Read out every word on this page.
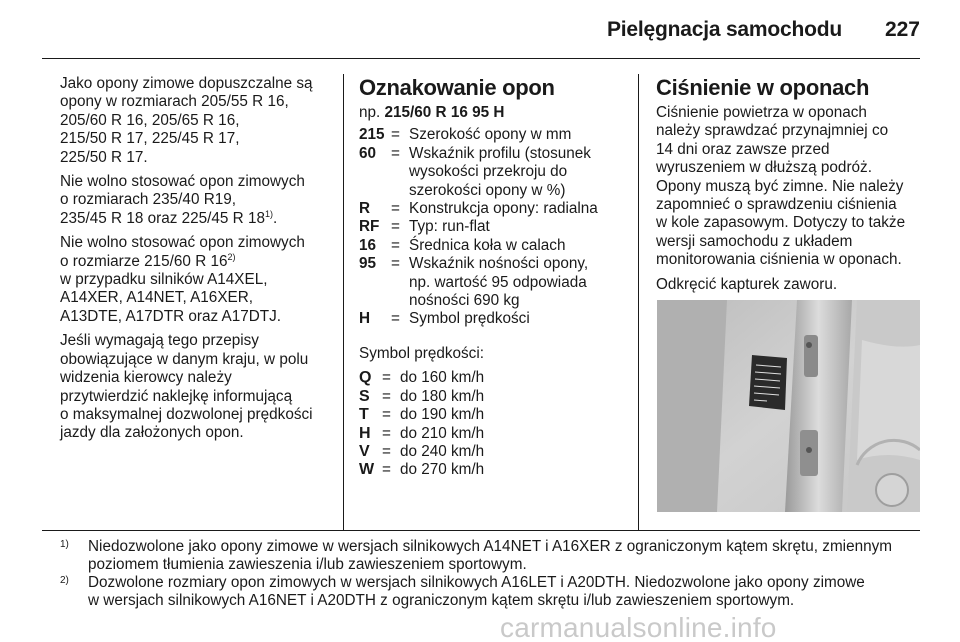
Pielęgnacja samochodu 227
Jako opony zimowe dopuszczalne są
opony w rozmiarach 205/55 R 16,
205/60 R 16, 205/65 R 16,
215/50 R 17, 225/45 R 17,
225/50 R 17.
Nie wolno stosować opon zimowych
o rozmiarach 235/40 R19,
235/45 R 18 oraz 225/45 R 18$^{1)}$.
Nie wolno stosować opon zimowych
o rozmiarze 215/60 R 16$^{2)}$
w przypadku silników A14XEL,
A14XER, A14NET, A16XER,
A13DTE, A17DTR oraz A17DTJ.
Jeśli wymagają tego przepisy
obowiązujące w danym kraju, w polu
widzenia kierowcy należy
przytwierdzić naklejkę informującą
o maksymalnej dozwolonej prędkości
jazdy dla założonych opon.
Oznakowanie opon
np. 215/60 R 16 95 H
215 = Szerokość opony w mm
60 = Wskaźnik profilu (stosunek
wysokości przekroju do
szerokości opony w %)
R	= Konstrukcja opony: radialna
RF = Typ: run-flat
16 = Średnica koła w calach
95 = Wskaźnik nośności opony,
np. wartość 95 odpowiada
nośności 690 kg
H	= Symbol prędkości
Symbol prędkości:
Q = do 160 km/h
S = do 180 km/h
T = do 190 km/h
H = do 210 km/h
V = do 240 km/h
W = do 270 km/h
Ciśnienie w oponach
Ciśnienie powietrza w oponach
należy sprawdzać przynajmniej co
14 dni oraz zawsze przed
wyruszeniem w dłuższą podróż.
Opony muszą być zimne. Nie należy
zapomnieć o sprawdzeniu ciśnienia
w kole zapasowym. Dotyczy to także
wersji samochodu z układem
monitorowania ciśnienia w oponach.
Odkręcić kapturek zaworu.
1) Niedozwolone jako opony zimowe w wersjach silnikowych A14NET i A16XER z ograniczonym kątem skrętu, zmiennym
poziomem tłumienia zawieszenia i/lub zawieszeniem sportowym.
2) Dozwolone rozmiary opon zimowych w wersjach silnikowych A16LET i A20DTH. Niedozwolone jako opony zimowe
w wersjach silnikowych A16NET i A20DTH z ograniczonym kątem skrętu i/lub zawieszeniem sportowym.
carmanualsonline.info
